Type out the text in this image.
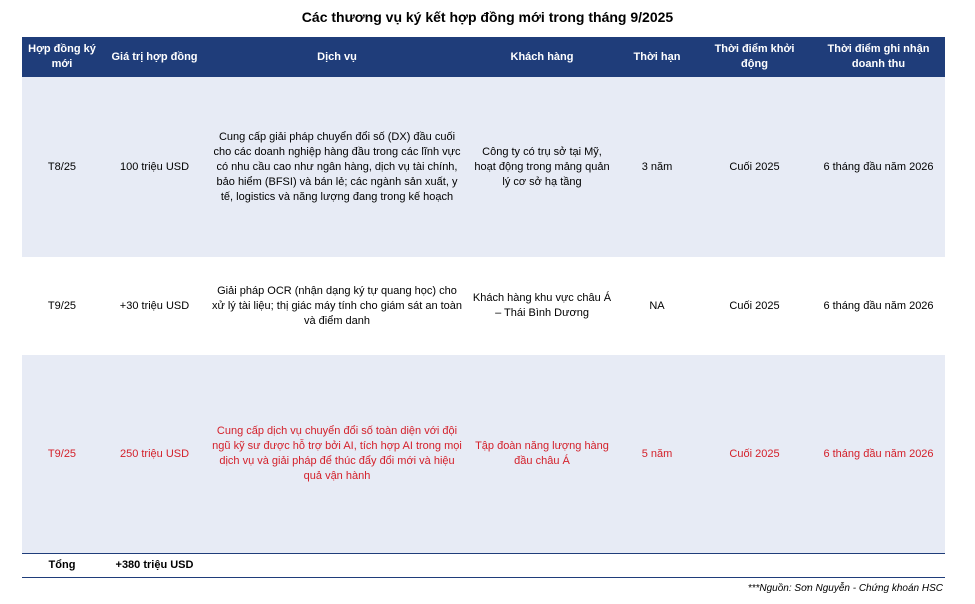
Các thương vụ ký kết hợp đồng mới trong tháng 9/2025
Hợp đồng ký mới	Giá trị hợp đồng	Dịch vụ	Khách hàng	Thời hạn	Thời điểm khởi động	Thời điểm ghi nhận doanh thu
T8/25	100 triệu USD	Cung cấp giải pháp chuyển đổi số (DX) đầu cuối cho các doanh nghiệp hàng đầu trong các lĩnh vực có nhu cầu cao như ngân hàng, dịch vụ tài chính, bảo hiểm (BFSI) và bán lẻ; các ngành sản xuất, y tế, logistics và năng lượng đang trong kế hoạch	Công ty có trụ sở tại Mỹ, hoạt động trong mảng quản lý cơ sở hạ tầng	3 năm	Cuối 2025	6 tháng đầu năm 2026
T9/25	+30 triệu USD	Giải pháp OCR (nhận dạng ký tự quang học) cho xử lý tài liệu; thị giác máy tính cho giám sát an toàn và điểm danh	Khách hàng khu vực châu Á – Thái Bình Dương	NA	Cuối 2025	6 tháng đầu năm 2026
T9/25	250 triệu USD	Cung cấp dịch vụ chuyển đổi số toàn diện với đội ngũ kỹ sư được hỗ trợ bởi AI, tích hợp AI trong mọi dịch vụ và giải pháp để thúc đẩy đổi mới và hiệu quả vận hành	Tập đoàn năng lượng hàng đầu châu Á	5 năm	Cuối 2025	6 tháng đầu năm 2026
Tổng	+380 triệu USD					
***Nguồn: Sơn Nguyễn - Chứng khoán HSC
